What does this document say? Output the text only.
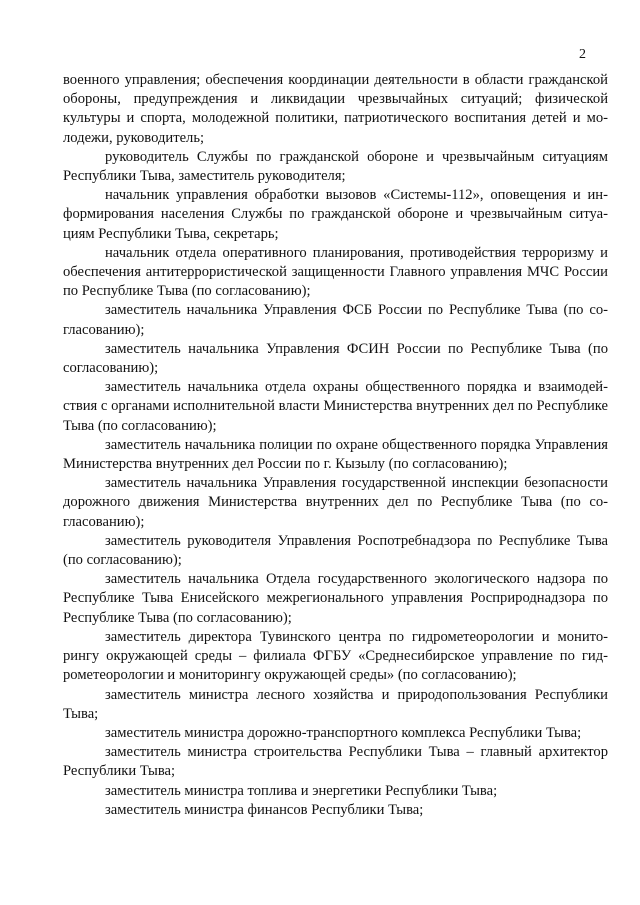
2

военного управления; обеспечения координации деятельности в области гражданской обороны, предупреждения и ликвидации чрезвычайных ситуаций; физической культуры и спорта, молодежной политики, патриотического воспитания детей и молодежи, руководитель;

руководитель Службы по гражданской обороне и чрезвычайным ситуациям Республики Тыва, заместитель руководителя;

начальник управления обработки вызовов «Системы-112», оповещения и информирования населения Службы по гражданской обороне и чрезвычайным ситуациям Республики Тыва, секретарь;

начальник отдела оперативного планирования, противодействия терроризму и обеспечения антитеррористической защищенности Главного управления МЧС России по Республике Тыва (по согласованию);

заместитель начальника Управления ФСБ России по Республике Тыва (по согласованию);

заместитель начальника Управления ФСИН России по Республике Тыва (по согласованию);

заместитель начальника отдела охраны общественного порядка и взаимодействия с органами исполнительной власти Министерства внутренних дел по Республике Тыва (по согласованию);

заместитель начальника полиции по охране общественного порядка Управления Министерства внутренних дел России по г. Кызылу (по согласованию);

заместитель начальника Управления государственной инспекции безопасности дорожного движения Министерства внутренних дел по Республике Тыва (по согласованию);

заместитель руководителя Управления Роспотребнадзора по Республике Тыва (по согласованию);

заместитель начальника Отдела государственного экологического надзора по Республике Тыва Енисейского межрегионального управления Росприроднадзора по Республике Тыва (по согласованию);

заместитель директора Тувинского центра по гидрометеорологии и мониторингу окружающей среды – филиала ФГБУ «Среднесибирское управление по гидрометеорологии и мониторингу окружающей среды» (по согласованию);

заместитель министра лесного хозяйства и природопользования Республики Тыва;

заместитель министра дорожно-транспортного комплекса Республики Тыва;

заместитель министра строительства Республики Тыва – главный архитектор Республики Тыва;

заместитель министра топлива и энергетики Республики Тыва;

заместитель министра финансов Республики Тыва;
